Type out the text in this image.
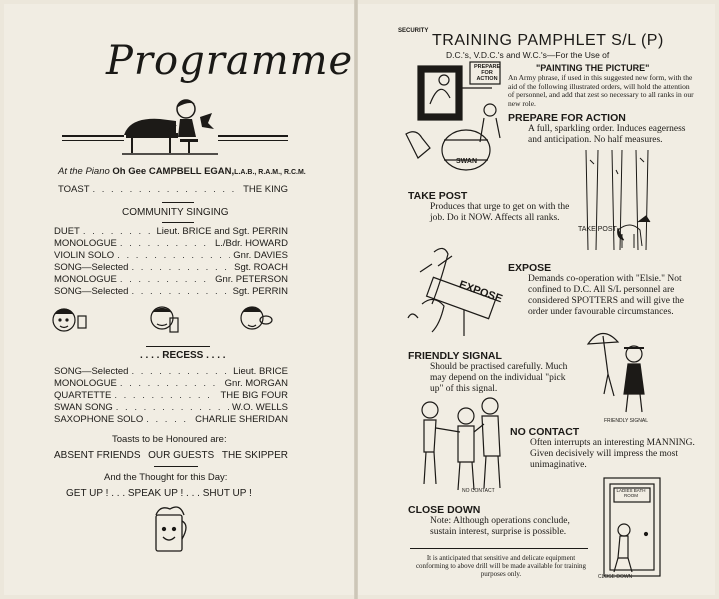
Programme
At the Piano Oh Gee CAMPBELL EGAN,L.A.B., R.A.M., R.C.M.
TOAST . . .	THE KING
COMMUNITY SINGING
DUET . . .	Lieut. BRICE and Sgt. PERRIN
MONOLOGUE . . .	L./Bdr. HOWARD
VIOLIN SOLO . . .	Gnr. DAVIES
SONG—Selected . . .	Sgt. ROACH
MONOLOGUE . . .	Gnr. PETERSON
SONG—Selected . . .	Sgt. PERRIN
. . . . RECESS . . . .
SONG—Selected . . .	Lieut. BRICE
MONOLOGUE . . .	Gnr. MORGAN
QUARTETTE . . .	THE BIG FOUR
SWAN SONG . . .	W.O. WELLS
SAXOPHONE SOLO . . .	CHARLIE SHERIDAN
Toasts to be Honoured are:
ABSENT FRIENDS OUR GUESTS THE SKIPPER
And the Thought for this Day:
GET UP ! . . . SPEAK UP ! . . . SHUT UP !
SECURITY
TRAINING PAMPHLET S/L (P)
D.C.'s, V.D.C.'s and W.C.'s—For the Use of
"PAINTING THE PICTURE"
An Army phrase, if used in this suggested new form, with the aid of the following illustrated orders, will hold the attention of personnel, and add that zest so necessary to all ranks in our new role.
PREPARE FOR ACTION
SWAN
PREPARE FOR ACTION
A full, sparkling order. Induces eagerness and anticipation. No half measures.
TAKE POST
Produces that urge to get on with the job. Do it NOW. Affects all ranks.
TAKE POST
EXPOSE
EXPOSE
Demands co-operation with "Elsie." Not confined to D.C. All S/L personnel are considered SPOTTERS and will give the order under favourable circumstances.
FRIENDLY SIGNAL
Should be practised carefully. Much may depend on the individual "pick up" of this signal.
FRIENDLY SIGNAL
NO CONTACT
NO CONTACT
Often interrupts an interesting MANNING. Given decisively will impress the most unimaginative.
CLOSE DOWN
Note: Although operations conclude, sustain interest, surprise is possible.
LADIES BATH ROOM
CLOSE DOWN
It is anticipated that sensitive and delicate equipment conforming to above drill will be made available for training purposes only.
